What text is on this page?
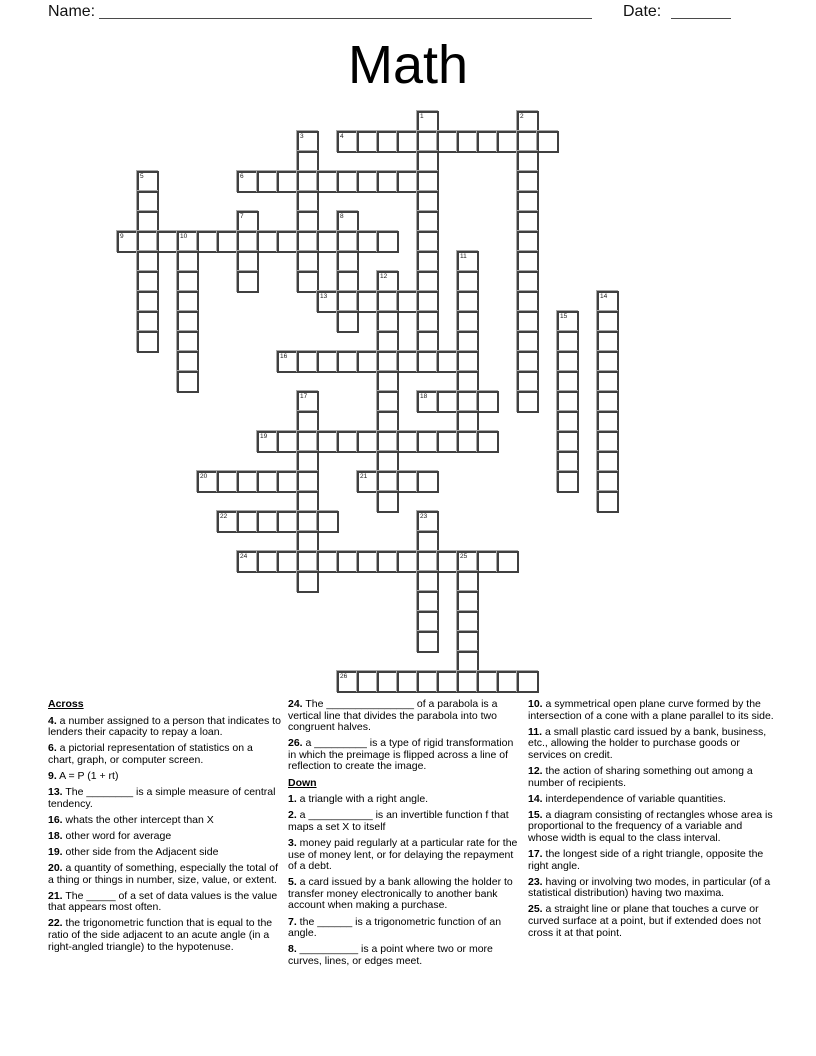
Name:	Date:
Math
1	2
3	4
5	6
7	8
9	10
11
12
13	14
15
16
17	18
19
20	21
22	23
24	25
26
Across

4. a number assigned to a person that indicates to lenders their capacity to repay a loan.

6. a pictorial representation of statistics on a chart, graph, or computer screen.

9. A = P (1 + rt)

13. The ________ is a simple measure of central tendency.

16. whats the other intercept than X

18. other word for average

19. other side from the Adjacent side

20. a quantity of something, especially the total of a thing or things in number, size, value, or extent.

21. The _____ of a set of data values is the value that appears most often.

22. the trigonometric function that is equal to the ratio of the side adjacent to an acute angle (in a right-angled triangle) to the hypotenuse.

24. The _______________ of a parabola is a vertical line that divides the parabola into two congruent halves.

26. a _________ is a type of rigid transformation in which the preimage is flipped across a line of reflection to create the image.

Down

1. a triangle with a right angle.

2. a ___________ is an invertible function f that maps a set X to itself

3. money paid regularly at a particular rate for the use of money lent, or for delaying the repayment of a debt.

5. a card issued by a bank allowing the holder to transfer money electronically to another bank account when making a purchase.

7. the ______ is a trigonometric function of an angle.

8. __________ is a point where two or more curves, lines, or edges meet.

10. a symmetrical open plane curve formed by the intersection of a cone with a plane parallel to its side.

11. a small plastic card issued by a bank, business, etc., allowing the holder to purchase goods or services on credit.

12. the action of sharing something out among a number of recipients.

14. interdependence of variable quantities.

15. a diagram consisting of rectangles whose area is proportional to the frequency of a variable and whose width is equal to the class interval.

17. the longest side of a right triangle, opposite the right angle.

23. having or involving two modes, in particular (of a statistical distribution) having two maxima.

25. a straight line or plane that touches a curve or curved surface at a point, but if extended does not cross it at that point.
